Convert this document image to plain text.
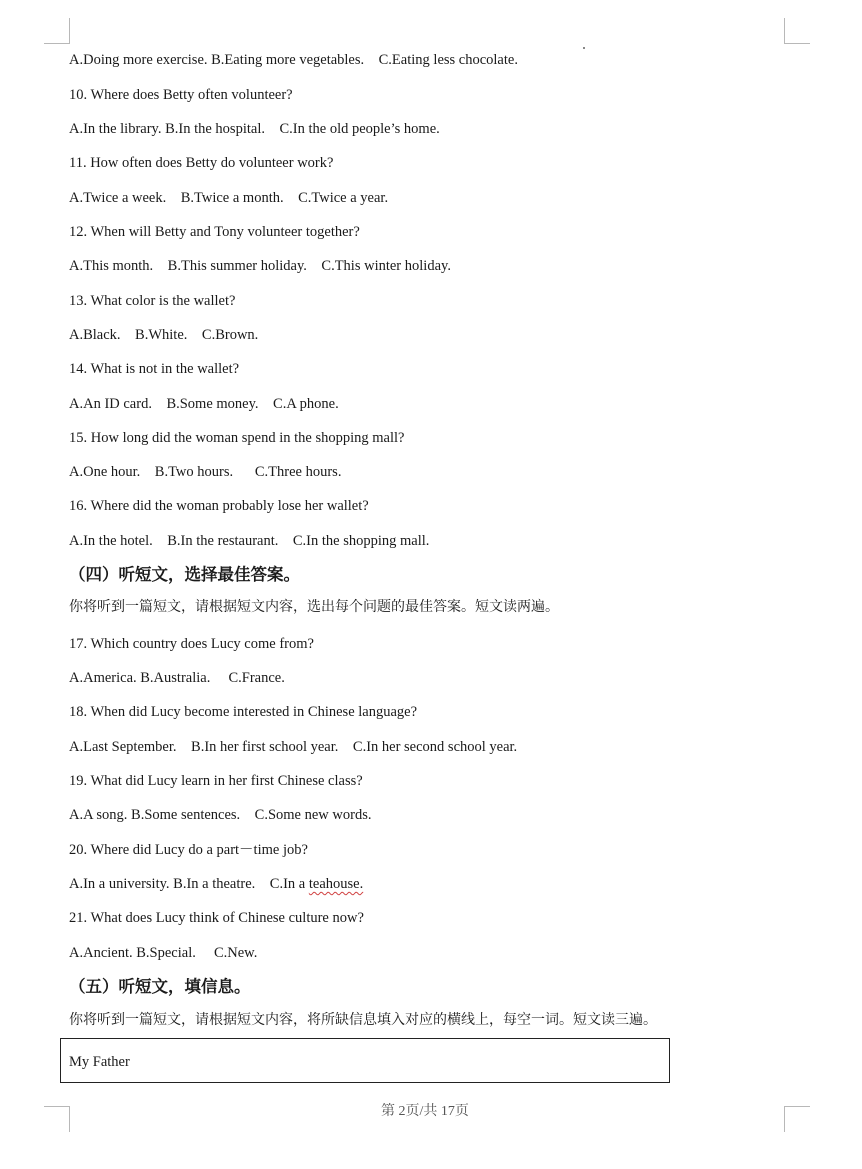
A.Doing more exercise. B.Eating more vegetables.    C.Eating less chocolate.
10. Where does Betty often volunteer?
A.In the library. B.In the hospital.    C.In the old people’s home.
11. How often does Betty do volunteer work?
A.Twice a week.    B.Twice a month.    C.Twice a year.
12. When will Betty and Tony volunteer together?
A.This month.    B.This summer holiday.    C.This winter holiday.
13. What color is the wallet?
A.Black.    B.White.    C.Brown.
14. What is not in the wallet?
A.An ID card.    B.Some money.    C.A phone.
15. How long did the woman spend in the shopping mall?
A.One hour.    B.Two hours.      C.Three hours.
16. Where did the woman probably lose her wallet?
A.In the hotel.    B.In the restaurant.    C.In the shopping mall.
（四）听短文，选择最佳答案。
你将听到一篇短文，请根据短文内容，选出每个问题的最佳答案。短文读两遍。
17. Which country does Lucy come from?
A.America. B.Australia.     C.France.
18. When did Lucy become interested in Chinese language?
A.Last September.    B.In her first school year.    C.In her second school year.
19. What did Lucy learn in her first Chinese class?
A.A song. B.Some sentences.    C.Some new words.
20. Where did Lucy do a part－time job?
A.In a university. B.In a theatre.    C.In a teahouse.
21. What does Lucy think of Chinese culture now?
A.Ancient. B.Special.     C.New.
（五）听短文，填信息。
你将听到一篇短文，请根据短文内容，将所缺信息填入对应的横线上，每空一词。短文读三遍。
My Father
第 2页/共 17页
